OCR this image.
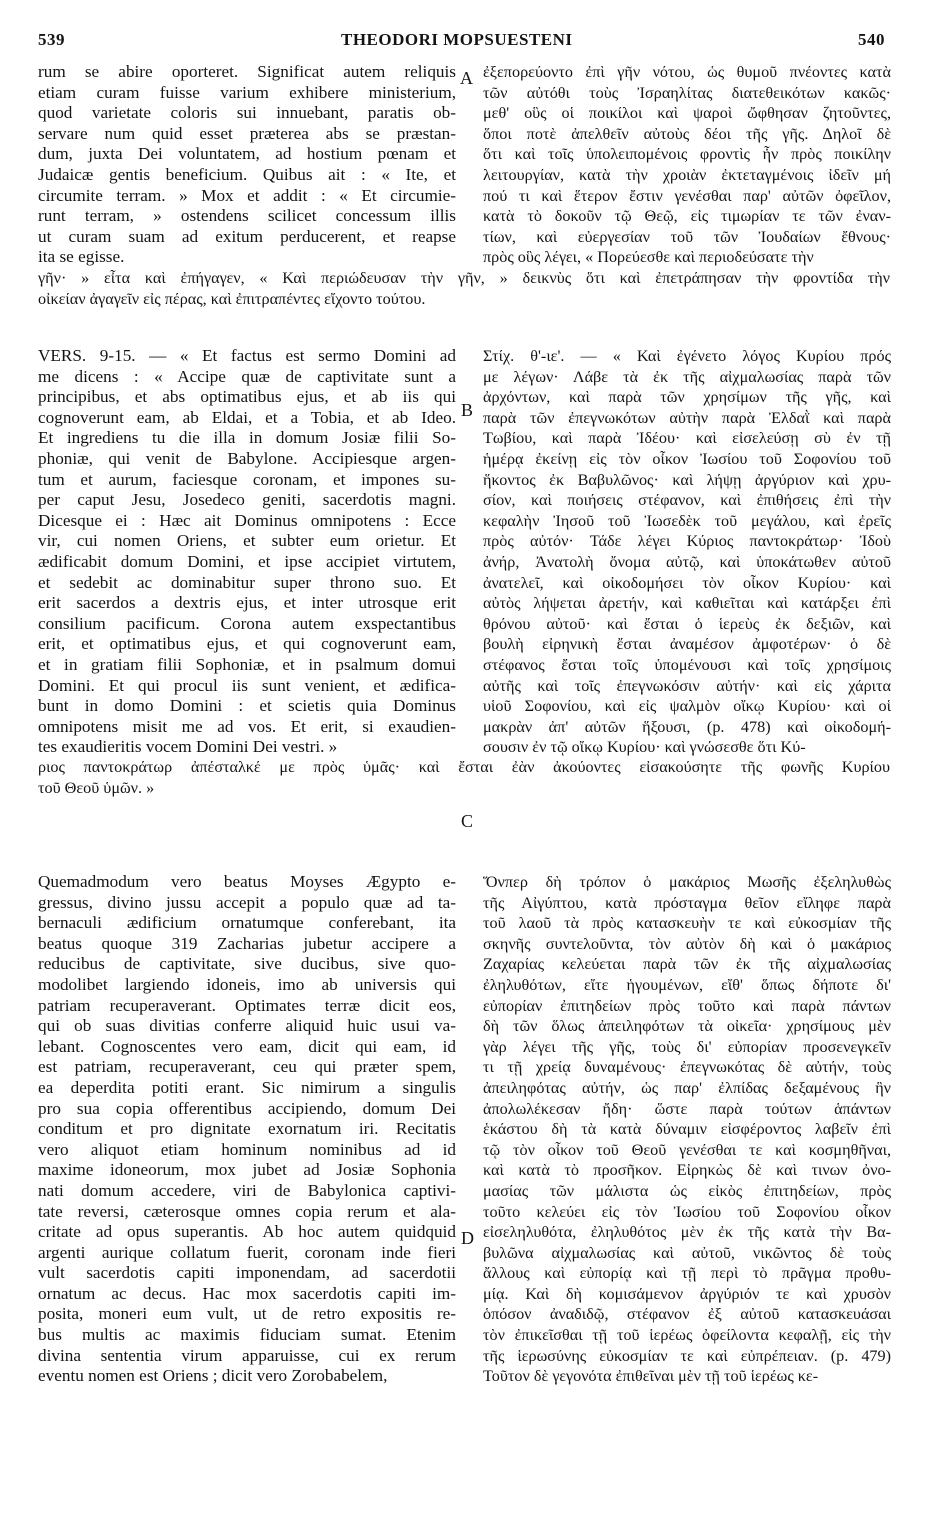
539	THEODORI MOPSUESTENI	540
A
B
C
D
rum se abire oporteret. Significat autem reliquis
etiam curam fuisse varium exhibere ministerium,
quod varietate coloris sui innuebant, paratis ob-
servare num quid esset præterea abs se præstan-
dum, juxta Dei voluntatem, ad hostium pœnam et
Judaicæ gentis beneficium. Quibus ait : « Ite, et
circumite terram. » Mox et addit : « Et circumie-
runt terram, » ostendens scilicet concessum illis
ut curam suam ad exitum perducerent, et reapse
ita se egisse.
ἐξεπορεύοντο ἐπὶ γῆν νότου, ὡς θυμοῦ πνέοντες κατὰ
τῶν αὐτόθι τοὺς Ἰσραηλίτας διατεθεικότων κακῶς·
μεθ' οὓς οἱ ποικίλοι καὶ ψαροὶ ὤφθησαν ζητοῦντες,
ὅποι ποτὲ ἀπελθεῖν αὐτοὺς δέοι τῆς γῆς. Δηλοῖ δὲ
ὅτι καὶ τοῖς ὑπολειπομένοις φροντὶς ἦν πρὸς ποικίλην
λειτουργίαν, κατὰ τὴν χροιὰν ἐκτεταγμένοις ἰδεῖν μή
πού τι καὶ ἕτερον ἔστιν γενέσθαι παρ' αὐτῶν ὀφεῖλον,
κατὰ τὸ δοκοῦν τῷ Θεῷ, εἰς τιμωρίαν τε τῶν ἐναν-
τίων, καὶ εὐεργεσίαν τοῦ τῶν Ἰουδαίων ἔθνους·
πρὸς οὓς λέγει, « Πορεύεσθε καὶ περιοδεύσατε τὴν
γῆν· » εἶτα καὶ ἐπήγαγεν, « Καὶ περιώδευσαν τὴν γῆν, » δεικνὺς ὅτι καὶ ἐπετράπησαν τὴν φροντίδα τὴν
οἰκείαν ἀγαγεῖν εἰς πέρας, καὶ ἐπιτραπέντες εἴχοντο τούτου.
VERS. 9-15. — « Et factus est sermo Domini ad
me dicens : « Accipe quæ de captivitate sunt a
principibus, et abs optimatibus ejus, et ab iis qui
cognoverunt eam, ab Eldai, et a Tobia, et ab Ideo.
Et ingrediens tu die illa in domum Josiæ filii So-
phoniæ, qui venit de Babylone. Accipiesque argen-
tum et aurum, faciesque coronam, et impones su-
per caput Jesu, Josedeco geniti, sacerdotis magni.
Dicesque ei : Hæc ait Dominus omnipotens : Ecce
vir, cui nomen Oriens, et subter eum orietur. Et
ædificabit domum Domini, et ipse accipiet virtutem,
et sedebit ac dominabitur super throno suo. Et
erit sacerdos a dextris ejus, et inter utrosque erit
consilium pacificum. Corona autem exspectantibus
erit, et optimatibus ejus, et qui cognoverunt eam,
et in gratiam filii Sophoniæ, et in psalmum domui
Domini. Et qui procul iis sunt venient, et ædifica-
bunt in domo Domini : et scietis quia Dominus
omnipotens misit me ad vos. Et erit, si exaudien-
tes exaudieritis vocem Domini Dei vestri. »
Στίχ. θ'-ιε'. — « Καὶ ἐγένετο λόγος Κυρίου πρός
με λέγων· Λάβε τὰ ἐκ τῆς αἰχμαλωσίας παρὰ τῶν
ἀρχόντων, καὶ παρὰ τῶν χρησίμων τῆς γῆς, καὶ
παρὰ τῶν ἐπεγνωκότων αὐτὴν παρὰ Ἐλδαῒ καὶ παρὰ
Τωβίου, καὶ παρὰ Ἰδέου· καὶ εἰσελεύσῃ σὺ ἐν τῇ
ἡμέρᾳ ἐκείνῃ εἰς τὸν οἶκον Ἰωσίου τοῦ Σοφονίου τοῦ
ἥκοντος ἐκ Βαβυλῶνος· καὶ λήψῃ ἀργύριον καὶ χρυ-
σίον, καὶ ποιήσεις στέφανον, καὶ ἐπιθήσεις ἐπὶ τὴν
κεφαλὴν Ἰησοῦ τοῦ Ἰωσεδὲκ τοῦ μεγάλου, καὶ ἐρεῖς
πρὸς αὐτόν· Τάδε λέγει Κύριος παντοκράτωρ· Ἰδοὺ
ἀνήρ, Ἀνατολὴ ὄνομα αὐτῷ, καὶ ὑποκάτωθεν αὐτοῦ
ἀνατελεῖ, καὶ οἰκοδομήσει τὸν οἶκον Κυρίου· καὶ
αὐτὸς λήψεται ἀρετήν, καὶ καθιεῖται καὶ κατάρξει ἐπὶ
θρόνου αὐτοῦ· καὶ ἔσται ὁ ἱερεὺς ἐκ δεξιῶν, καὶ
βουλὴ εἰρηνικὴ ἔσται ἀναμέσον ἀμφοτέρων· ὁ δὲ
στέφανος ἔσται τοῖς ὑπομένουσι καὶ τοῖς χρησίμοις
αὐτῆς καὶ τοῖς ἐπεγνωκόσιν αὐτήν· καὶ εἰς χάριτα
υἱοῦ Σοφονίου, καὶ εἰς ψαλμὸν οἴκῳ Κυρίου· καὶ οἱ
μακρὰν ἀπ' αὐτῶν ἥξουσι, (p. 478) καὶ οἰκοδομή-
σουσιν ἐν τῷ οἴκῳ Κυρίου· καὶ γνώσεσθε ὅτι Κύ-
ριος παντοκράτωρ ἀπέσταλκέ με πρὸς ὑμᾶς· καὶ ἔσται ἐὰν ἀκούοντες εἰσακούσητε τῆς φωνῆς Κυρίου
τοῦ Θεοῦ ὑμῶν. »
Quemadmodum vero beatus Moyses Ægypto e-
gressus, divino jussu accepit a populo quæ ad ta-
bernaculi ædificium ornatumque conferebant, ita
beatus quoque 319 Zacharias jubetur accipere a
reducibus de captivitate, sive ducibus, sive quo-
modolibet largiendo idoneis, imo ab universis qui
patriam recuperaverant. Optimates terræ dicit eos,
qui ob suas divitias conferre aliquid huic usui va-
lebant. Cognoscentes vero eam, dicit qui eam, id
est patriam, recuperaverant, ceu qui præter spem,
ea deperdita potiti erant. Sic nimirum a singulis
pro sua copia offerentibus accipiendo, domum Dei
conditum et pro dignitate exornatum iri. Recitatis
vero aliquot etiam hominum nominibus ad id
maxime idoneorum, mox jubet ad Josiæ Sophonia
nati domum accedere, viri de Babylonica captivi-
tate reversi, cæterosque omnes copia rerum et ala-
critate ad opus superantis. Ab hoc autem quidquid
argenti aurique collatum fuerit, coronam inde fieri
vult sacerdotis capiti imponendam, ad sacerdotii
ornatum ac decus. Hac mox sacerdotis capiti im-
posita, moneri eum vult, ut de retro expositis re-
bus multis ac maximis fiduciam sumat. Etenim
divina sententia virum apparuisse, cui ex rerum
eventu nomen est Oriens ; dicit vero Zorobabelem,
Ὅνπερ δὴ τρόπον ὁ μακάριος Μωσῆς ἐξεληλυθὼς
τῆς Αἰγύπτου, κατὰ πρόσταγμα θεῖον εἴληφε παρὰ
τοῦ λαοῦ τὰ πρὸς κατασκευὴν τε καὶ εὐκοσμίαν τῆς
σκηνῆς συντελοῦντα, τὸν αὐτὸν δὴ καὶ ὁ μακάριος
Ζαχαρίας κελεύεται παρὰ τῶν ἐκ τῆς αἰχμαλωσίας
ἐληλυθότων, εἴτε ἡγουμένων, εἴθ' ὅπως δήποτε δι'
εὐπορίαν ἐπιτηδείων πρὸς τοῦτο καὶ παρὰ πάντων
δὴ τῶν ὅλως ἀπειληφότων τὰ οἰκεῖα· χρησίμους μὲν
γὰρ λέγει τῆς γῆς, τοὺς δι' εὐπορίαν προσενεγκεῖν
τι τῇ χρείᾳ δυναμένους· ἐπεγνωκότας δὲ αὐτήν, τοὺς
ἀπειληφότας αὐτήν, ὡς παρ' ἐλπίδας δεξαμένους ἣν
ἀπολωλέκεσαν ἤδη· ὥστε παρὰ τούτων ἁπάντων
ἑκάστου δὴ τὰ κατὰ δύναμιν εἰσφέροντος λαβεῖν ἐπὶ
τῷ τὸν οἶκον τοῦ Θεοῦ γενέσθαι τε καὶ κοσμηθῆναι,
καὶ κατὰ τὸ προσῆκον. Εἰρηκὼς δὲ καὶ τινων ὀνο-
μασίας τῶν μάλιστα ὡς εἰκὸς ἐπιτηδείων, πρὸς
τοῦτο κελεύει εἰς τὸν Ἰωσίου τοῦ Σοφονίου οἶκον
εἰσεληλυθότα, ἐληλυθότος μὲν ἐκ τῆς κατὰ τὴν Βα-
βυλῶνα αἰχμαλωσίας καὶ αὐτοῦ, νικῶντος δὲ τοὺς
ἄλλους καὶ εὐπορίᾳ καὶ τῇ περὶ τὸ πρᾶγμα προθυ-
μίᾳ. Καὶ δὴ κομισάμενον ἀργύριόν τε καὶ χρυσὸν
ὁπόσον ἀναδιδῷ, στέφανον ἐξ αὐτοῦ κατασκευάσαι
τὸν ἐπικεῖσθαι τῇ τοῦ ἱερέως ὀφείλοντα κεφαλῇ, εἰς τὴν
τῆς ἱερωσύνης εὐκοσμίαν τε καὶ εὐπρέπειαν. (p. 479)
Τοῦτον δὲ γεγονότα ἐπιθεῖναι μὲν τῇ τοῦ ἱερέως κε-
